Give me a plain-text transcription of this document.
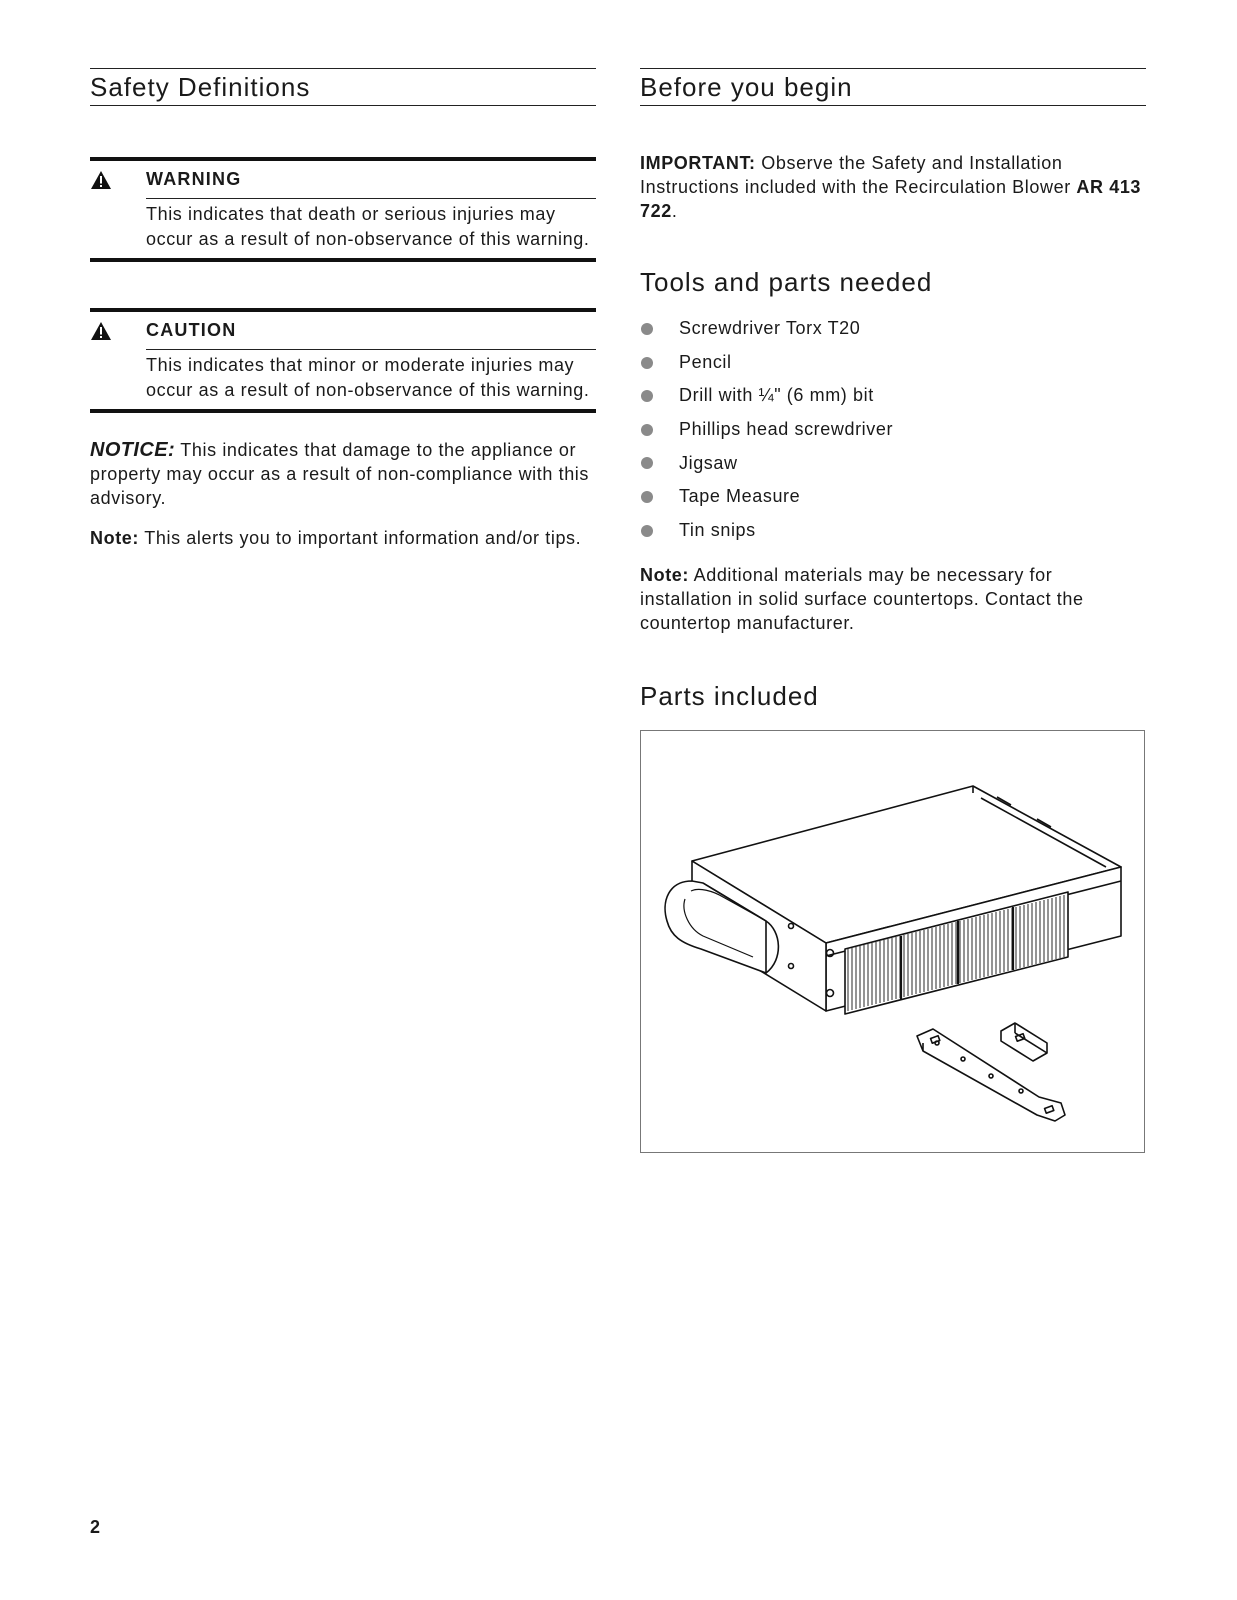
Safety Definitions
WARNING
This indicates that death or serious injuries may occur as a result of non-observance of this warning.
CAUTION
This indicates that minor or moderate injuries may occur as a result of non-observance of this warning.

NOTICE: This indicates that damage to the appliance or property may occur as a result of non-compliance with this advisory.

Note: This alerts you to important information and/or tips.

Before you begin

IMPORTANT: Observe the Safety and Installation Instructions included with the Recirculation Blower AR 413 722.

Tools and parts needed
Screwdriver Torx T20
Pencil
Drill with ¼" (6 mm) bit
Phillips head screwdriver
Jigsaw
Tape Measure
Tin snips

Note: Additional materials may be necessary for installation in solid surface countertops. Contact the countertop manufacturer.

Parts included
2
